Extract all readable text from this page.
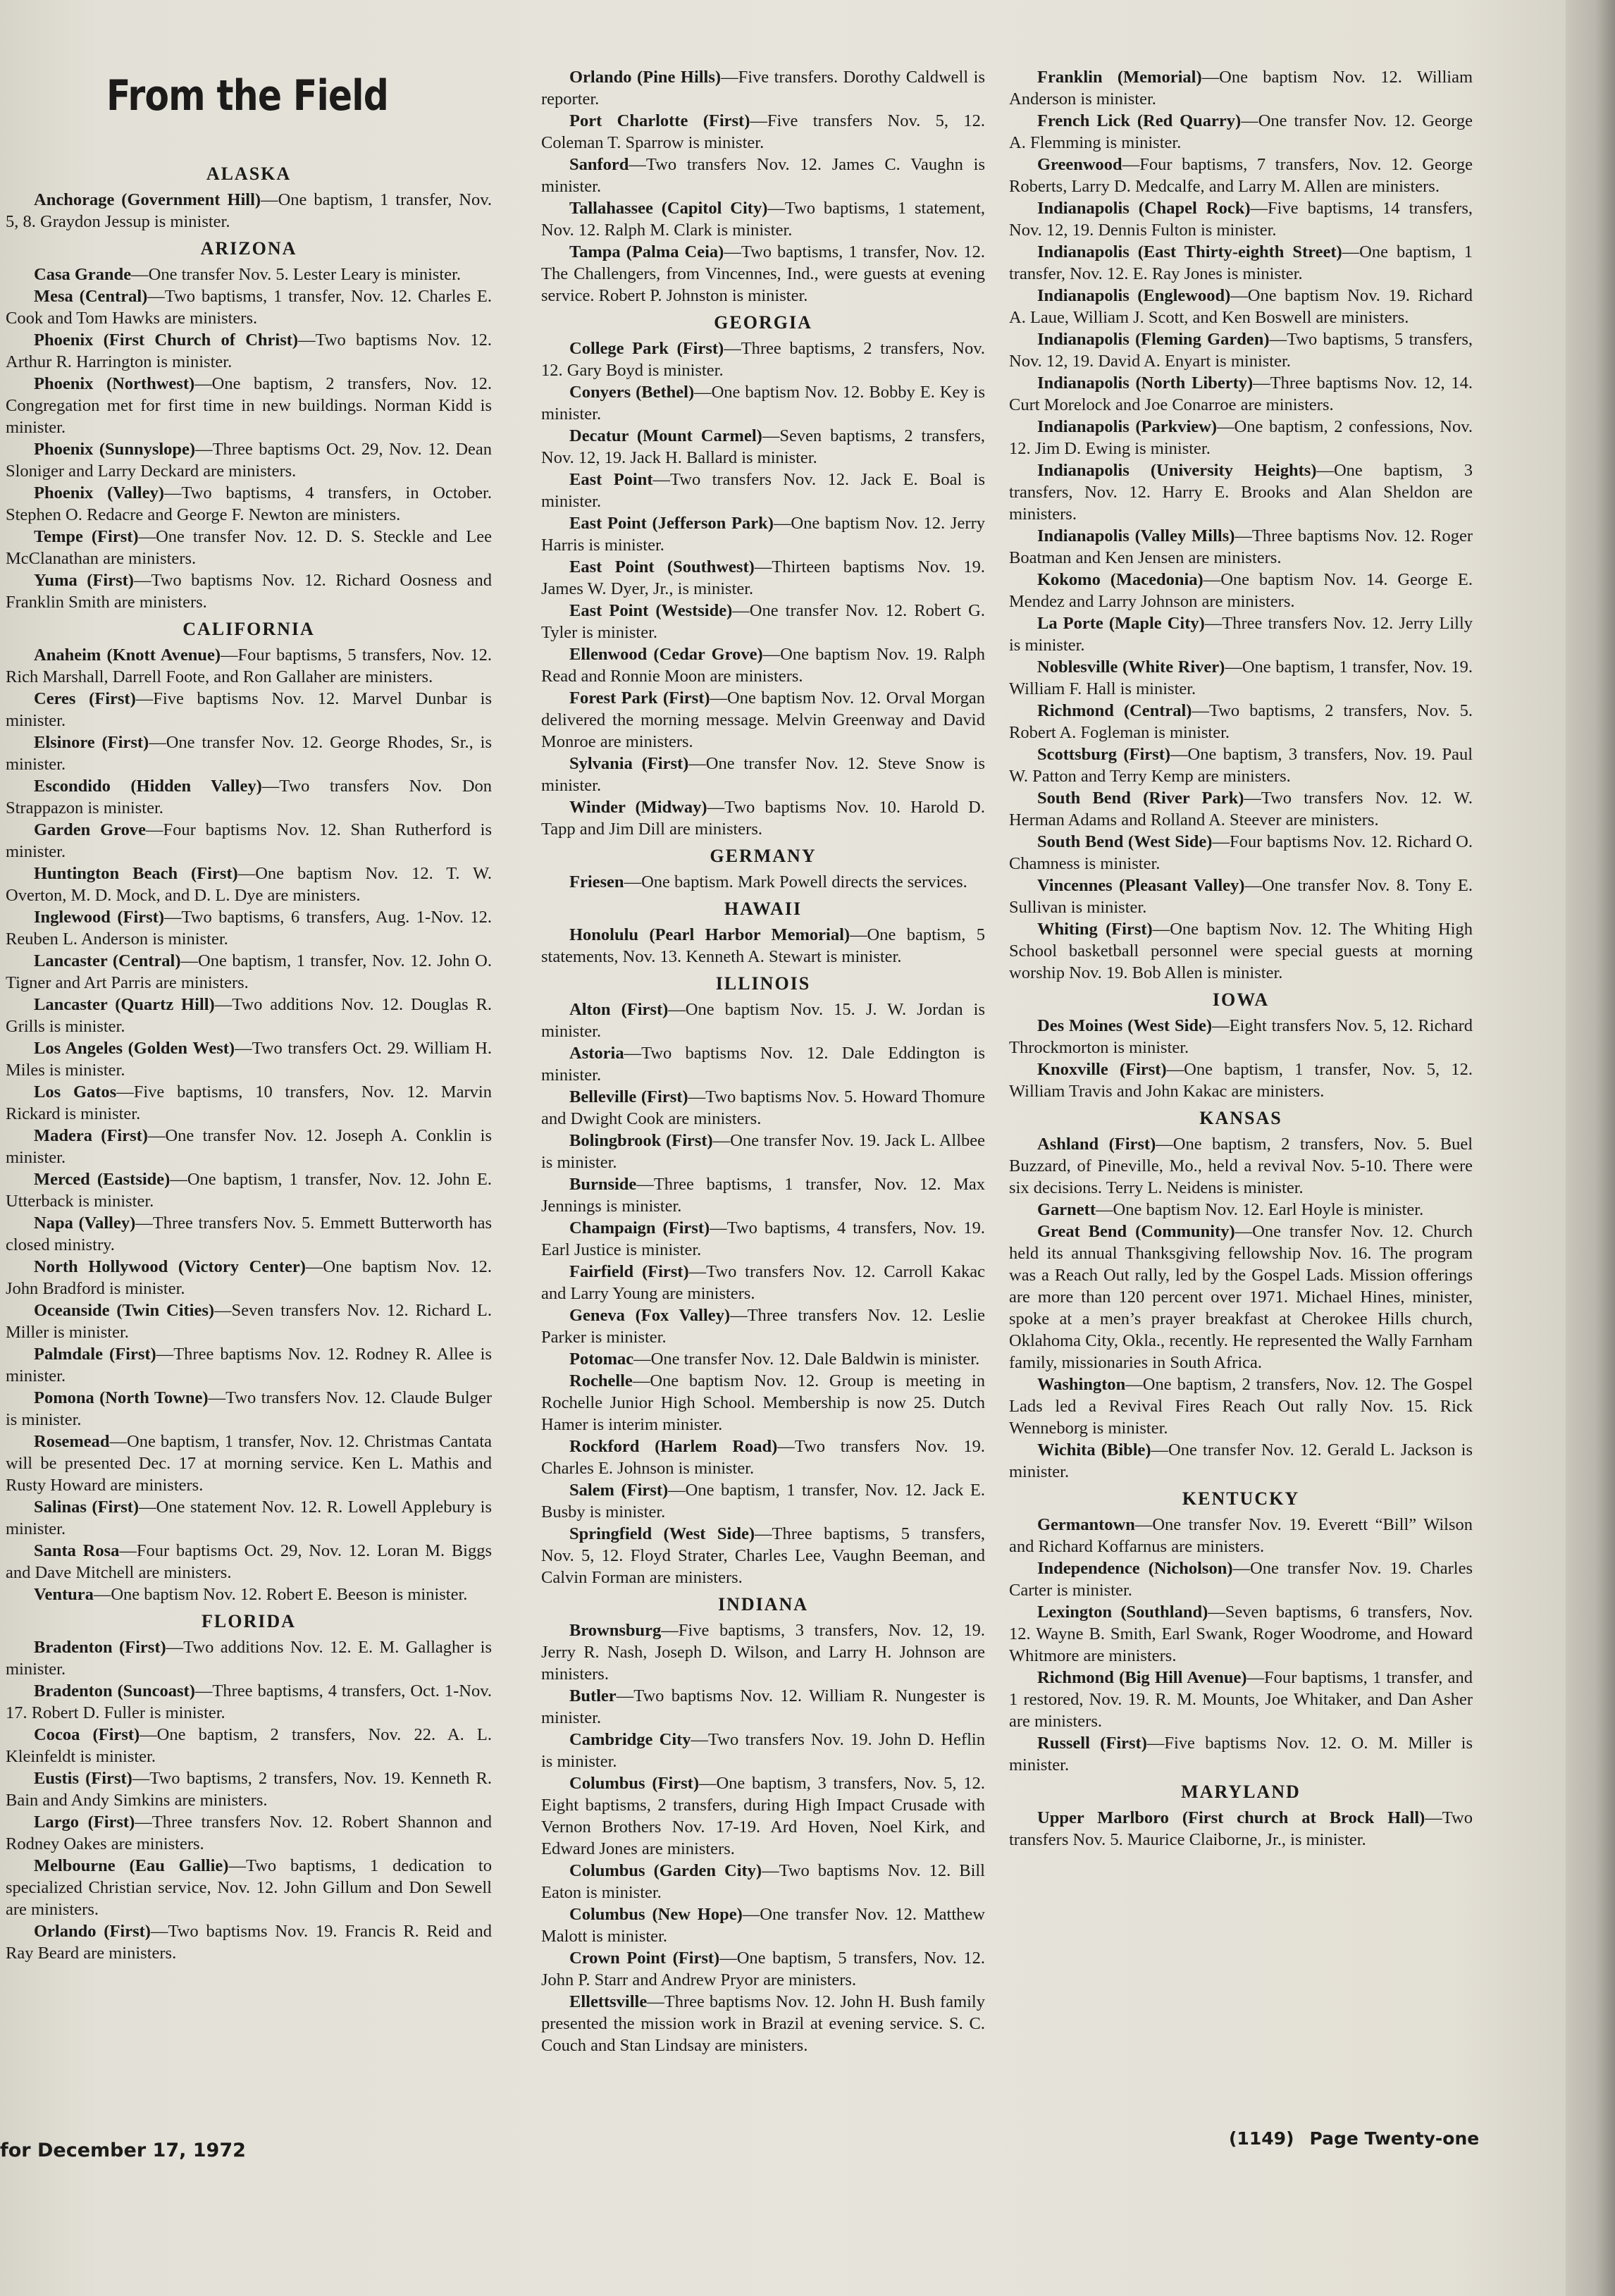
From the Field
ALASKA

Anchorage (Government Hill)—One baptism, 1 transfer, Nov. 5, 8. Graydon Jessup is minister.

ARIZONA

Casa Grande—One transfer Nov. 5. Lester Leary is minister.

Mesa (Central)—Two baptisms, 1 transfer, Nov. 12. Charles E. Cook and Tom Hawks are ministers.

Phoenix (First Church of Christ)—Two baptisms Nov. 12. Arthur R. Harrington is minister.

Phoenix (Northwest)—One baptism, 2 transfers, Nov. 12. Congregation met for first time in new buildings. Norman Kidd is minister.

Phoenix (Sunnyslope)—Three baptisms Oct. 29, Nov. 12. Dean Sloniger and Larry Deckard are ministers.

Phoenix (Valley)—Two baptisms, 4 transfers, in October. Stephen O. Redacre and George F. Newton are ministers.

Tempe (First)—One transfer Nov. 12. D. S. Steckle and Lee McClanathan are ministers.

Yuma (First)—Two baptisms Nov. 12. Richard Oosness and Franklin Smith are ministers.

CALIFORNIA

Anaheim (Knott Avenue)—Four baptisms, 5 transfers, Nov. 12. Rich Marshall, Darrell Foote, and Ron Gallaher are ministers.

Ceres (First)—Five baptisms Nov. 12. Marvel Dunbar is minister.

Elsinore (First)—One transfer Nov. 12. George Rhodes, Sr., is minister.

Escondido (Hidden Valley)—Two transfers Nov. Don Strappazon is minister.

Garden Grove—Four baptisms Nov. 12. Shan Rutherford is minister.

Huntington Beach (First)—One baptism Nov. 12. T. W. Overton, M. D. Mock, and D. L. Dye are ministers.

Inglewood (First)—Two baptisms, 6 transfers, Aug. 1-Nov. 12. Reuben L. Anderson is minister.

Lancaster (Central)—One baptism, 1 transfer, Nov. 12. John O. Tigner and Art Parris are ministers.

Lancaster (Quartz Hill)—Two additions Nov. 12. Douglas R. Grills is minister.

Los Angeles (Golden West)—Two transfers Oct. 29. William H. Miles is minister.

Los Gatos—Five baptisms, 10 transfers, Nov. 12. Marvin Rickard is minister.

Madera (First)—One transfer Nov. 12. Joseph A. Conklin is minister.

Merced (Eastside)—One baptism, 1 transfer, Nov. 12. John E. Utterback is minister.

Napa (Valley)—Three transfers Nov. 5. Emmett Butterworth has closed ministry.

North Hollywood (Victory Center)—One baptism Nov. 12. John Bradford is minister.

Oceanside (Twin Cities)—Seven transfers Nov. 12. Richard L. Miller is minister.

Palmdale (First)—Three baptisms Nov. 12. Rodney R. Allee is minister.

Pomona (North Towne)—Two transfers Nov. 12. Claude Bulger is minister.

Rosemead—One baptism, 1 transfer, Nov. 12. Christmas Cantata will be presented Dec. 17 at morning service. Ken L. Mathis and Rusty Howard are ministers.

Salinas (First)—One statement Nov. 12. R. Lowell Applebury is minister.

Santa Rosa—Four baptisms Oct. 29, Nov. 12. Loran M. Biggs and Dave Mitchell are ministers.

Ventura—One baptism Nov. 12. Robert E. Beeson is minister.

FLORIDA

Bradenton (First)—Two additions Nov. 12. E. M. Gallagher is minister.

Bradenton (Suncoast)—Three baptisms, 4 transfers, Oct. 1-Nov. 17. Robert D. Fuller is minister.

Cocoa (First)—One baptism, 2 transfers, Nov. 22. A. L. Kleinfeldt is minister.

Eustis (First)—Two baptisms, 2 transfers, Nov. 19. Kenneth R. Bain and Andy Simkins are ministers.

Largo (First)—Three transfers Nov. 12. Robert Shannon and Rodney Oakes are ministers.

Melbourne (Eau Gallie)—Two baptisms, 1 dedication to specialized Christian service, Nov. 12. John Gillum and Don Sewell are ministers.

Orlando (First)—Two baptisms Nov. 19. Francis R. Reid and Ray Beard are ministers.

Orlando (Pine Hills)—Five transfers. Dorothy Caldwell is reporter.

Port Charlotte (First)—Five transfers Nov. 5, 12. Coleman T. Sparrow is minister.

Sanford—Two transfers Nov. 12. James C. Vaughn is minister.

Tallahassee (Capitol City)—Two baptisms, 1 statement, Nov. 12. Ralph M. Clark is minister.

Tampa (Palma Ceia)—Two baptisms, 1 transfer, Nov. 12. The Challengers, from Vincennes, Ind., were guests at evening service. Robert P. Johnston is minister.

GEORGIA

College Park (First)—Three baptisms, 2 transfers, Nov. 12. Gary Boyd is minister.

Conyers (Bethel)—One baptism Nov. 12. Bobby E. Key is minister.

Decatur (Mount Carmel)—Seven baptisms, 2 transfers, Nov. 12, 19. Jack H. Ballard is minister.

East Point—Two transfers Nov. 12. Jack E. Boal is minister.

East Point (Jefferson Park)—One baptism Nov. 12. Jerry Harris is minister.

East Point (Southwest)—Thirteen baptisms Nov. 19. James W. Dyer, Jr., is minister.

East Point (Westside)—One transfer Nov. 12. Robert G. Tyler is minister.

Ellenwood (Cedar Grove)—One baptism Nov. 19. Ralph Read and Ronnie Moon are ministers.

Forest Park (First)—One baptism Nov. 12. Orval Morgan delivered the morning message. Melvin Greenway and David Monroe are ministers.

Sylvania (First)—One transfer Nov. 12. Steve Snow is minister.

Winder (Midway)—Two baptisms Nov. 10. Harold D. Tapp and Jim Dill are ministers.

GERMANY

Friesen—One baptism. Mark Powell directs the services.

HAWAII

Honolulu (Pearl Harbor Memorial)—One baptism, 5 statements, Nov. 13. Kenneth A. Stewart is minister.

ILLINOIS

Alton (First)—One baptism Nov. 15. J. W. Jordan is minister.

Astoria—Two baptisms Nov. 12. Dale Eddington is minister.

Belleville (First)—Two baptisms Nov. 5. Howard Thomure and Dwight Cook are ministers.

Bolingbrook (First)—One transfer Nov. 19. Jack L. Allbee is minister.

Burnside—Three baptisms, 1 transfer, Nov. 12. Max Jennings is minister.

Champaign (First)—Two baptisms, 4 transfers, Nov. 19. Earl Justice is minister.

Fairfield (First)—Two transfers Nov. 12. Carroll Kakac and Larry Young are ministers.

Geneva (Fox Valley)—Three transfers Nov. 12. Leslie Parker is minister.

Potomac—One transfer Nov. 12. Dale Baldwin is minister.

Rochelle—One baptism Nov. 12. Group is meeting in Rochelle Junior High School. Membership is now 25. Dutch Hamer is interim minister.

Rockford (Harlem Road)—Two transfers Nov. 19. Charles E. Johnson is minister.

Salem (First)—One baptism, 1 transfer, Nov. 12. Jack E. Busby is minister.

Springfield (West Side)—Three baptisms, 5 transfers, Nov. 5, 12. Floyd Strater, Charles Lee, Vaughn Beeman, and Calvin Forman are ministers.

INDIANA

Brownsburg—Five baptisms, 3 transfers, Nov. 12, 19. Jerry R. Nash, Joseph D. Wilson, and Larry H. Johnson are ministers.

Butler—Two baptisms Nov. 12. William R. Nungester is minister.

Cambridge City—Two transfers Nov. 19. John D. Heflin is minister.

Columbus (First)—One baptism, 3 transfers, Nov. 5, 12. Eight baptisms, 2 transfers, during High Impact Crusade with Vernon Brothers Nov. 17-19. Ard Hoven, Noel Kirk, and Edward Jones are ministers.

Columbus (Garden City)—Two baptisms Nov. 12. Bill Eaton is minister.

Columbus (New Hope)—One transfer Nov. 12. Matthew Malott is minister.

Crown Point (First)—One baptism, 5 transfers, Nov. 12. John P. Starr and Andrew Pryor are ministers.

Ellettsville—Three baptisms Nov. 12. John H. Bush family presented the mission work in Brazil at evening service. S. C. Couch and Stan Lindsay are ministers.

Franklin (Memorial)—One baptism Nov. 12. William Anderson is minister.

French Lick (Red Quarry)—One transfer Nov. 12. George A. Flemming is minister.

Greenwood—Four baptisms, 7 transfers, Nov. 12. George Roberts, Larry D. Medcalfe, and Larry M. Allen are ministers.

Indianapolis (Chapel Rock)—Five baptisms, 14 transfers, Nov. 12, 19. Dennis Fulton is minister.

Indianapolis (East Thirty-eighth Street)—One baptism, 1 transfer, Nov. 12. E. Ray Jones is minister.

Indianapolis (Englewood)—One baptism Nov. 19. Richard A. Laue, William J. Scott, and Ken Boswell are ministers.

Indianapolis (Fleming Garden)—Two baptisms, 5 transfers, Nov. 12, 19. David A. Enyart is minister.

Indianapolis (North Liberty)—Three baptisms Nov. 12, 14. Curt Morelock and Joe Conarroe are ministers.

Indianapolis (Parkview)—One baptism, 2 confessions, Nov. 12. Jim D. Ewing is minister.

Indianapolis (University Heights)—One baptism, 3 transfers, Nov. 12. Harry E. Brooks and Alan Sheldon are ministers.

Indianapolis (Valley Mills)—Three baptisms Nov. 12. Roger Boatman and Ken Jensen are ministers.

Kokomo (Macedonia)—One baptism Nov. 14. George E. Mendez and Larry Johnson are ministers.

La Porte (Maple City)—Three transfers Nov. 12. Jerry Lilly is minister.

Noblesville (White River)—One baptism, 1 transfer, Nov. 19. William F. Hall is minister.

Richmond (Central)—Two baptisms, 2 transfers, Nov. 5. Robert A. Fogleman is minister.

Scottsburg (First)—One baptism, 3 transfers, Nov. 19. Paul W. Patton and Terry Kemp are ministers.

South Bend (River Park)—Two transfers Nov. 12. W. Herman Adams and Rolland A. Steever are ministers.

South Bend (West Side)—Four baptisms Nov. 12. Richard O. Chamness is minister.

Vincennes (Pleasant Valley)—One transfer Nov. 8. Tony E. Sullivan is minister.

Whiting (First)—One baptism Nov. 12. The Whiting High School basketball personnel were special guests at morning worship Nov. 19. Bob Allen is minister.

IOWA

Des Moines (West Side)—Eight transfers Nov. 5, 12. Richard Throckmorton is minister.

Knoxville (First)—One baptism, 1 transfer, Nov. 5, 12. William Travis and John Kakac are ministers.

KANSAS

Ashland (First)—One baptism, 2 transfers, Nov. 5. Buel Buzzard, of Pineville, Mo., held a revival Nov. 5-10. There were six decisions. Terry L. Neidens is minister.

Garnett—One baptism Nov. 12. Earl Hoyle is minister.

Great Bend (Community)—One transfer Nov. 12. Church held its annual Thanksgiving fellowship Nov. 16. The program was a Reach Out rally, led by the Gospel Lads. Mission offerings are more than 120 percent over 1971. Michael Hines, minister, spoke at a men’s prayer breakfast at Cherokee Hills church, Oklahoma City, Okla., recently. He represented the Wally Farnham family, missionaries in South Africa.

Washington—One baptism, 2 transfers, Nov. 12. The Gospel Lads led a Revival Fires Reach Out rally Nov. 15. Rick Wenneborg is minister.

Wichita (Bible)—One transfer Nov. 12. Gerald L. Jackson is minister.

KENTUCKY

Germantown—One transfer Nov. 19. Everett “Bill” Wilson and Richard Koffarnus are ministers.

Independence (Nicholson)—One transfer Nov. 19. Charles Carter is minister.

Lexington (Southland)—Seven baptisms, 6 transfers, Nov. 12. Wayne B. Smith, Earl Swank, Roger Woodrome, and Howard Whitmore are ministers.

Richmond (Big Hill Avenue)—Four baptisms, 1 transfer, and 1 restored, Nov. 19. R. M. Mounts, Joe Whitaker, and Dan Asher are ministers.

Russell (First)—Five baptisms Nov. 12. O. M. Miller is minister.

MARYLAND

Upper Marlboro (First church at Brock Hall)—Two transfers Nov. 5. Maurice Claiborne, Jr., is minister.

for December 17, 1972
(1149) Page Twenty-one
